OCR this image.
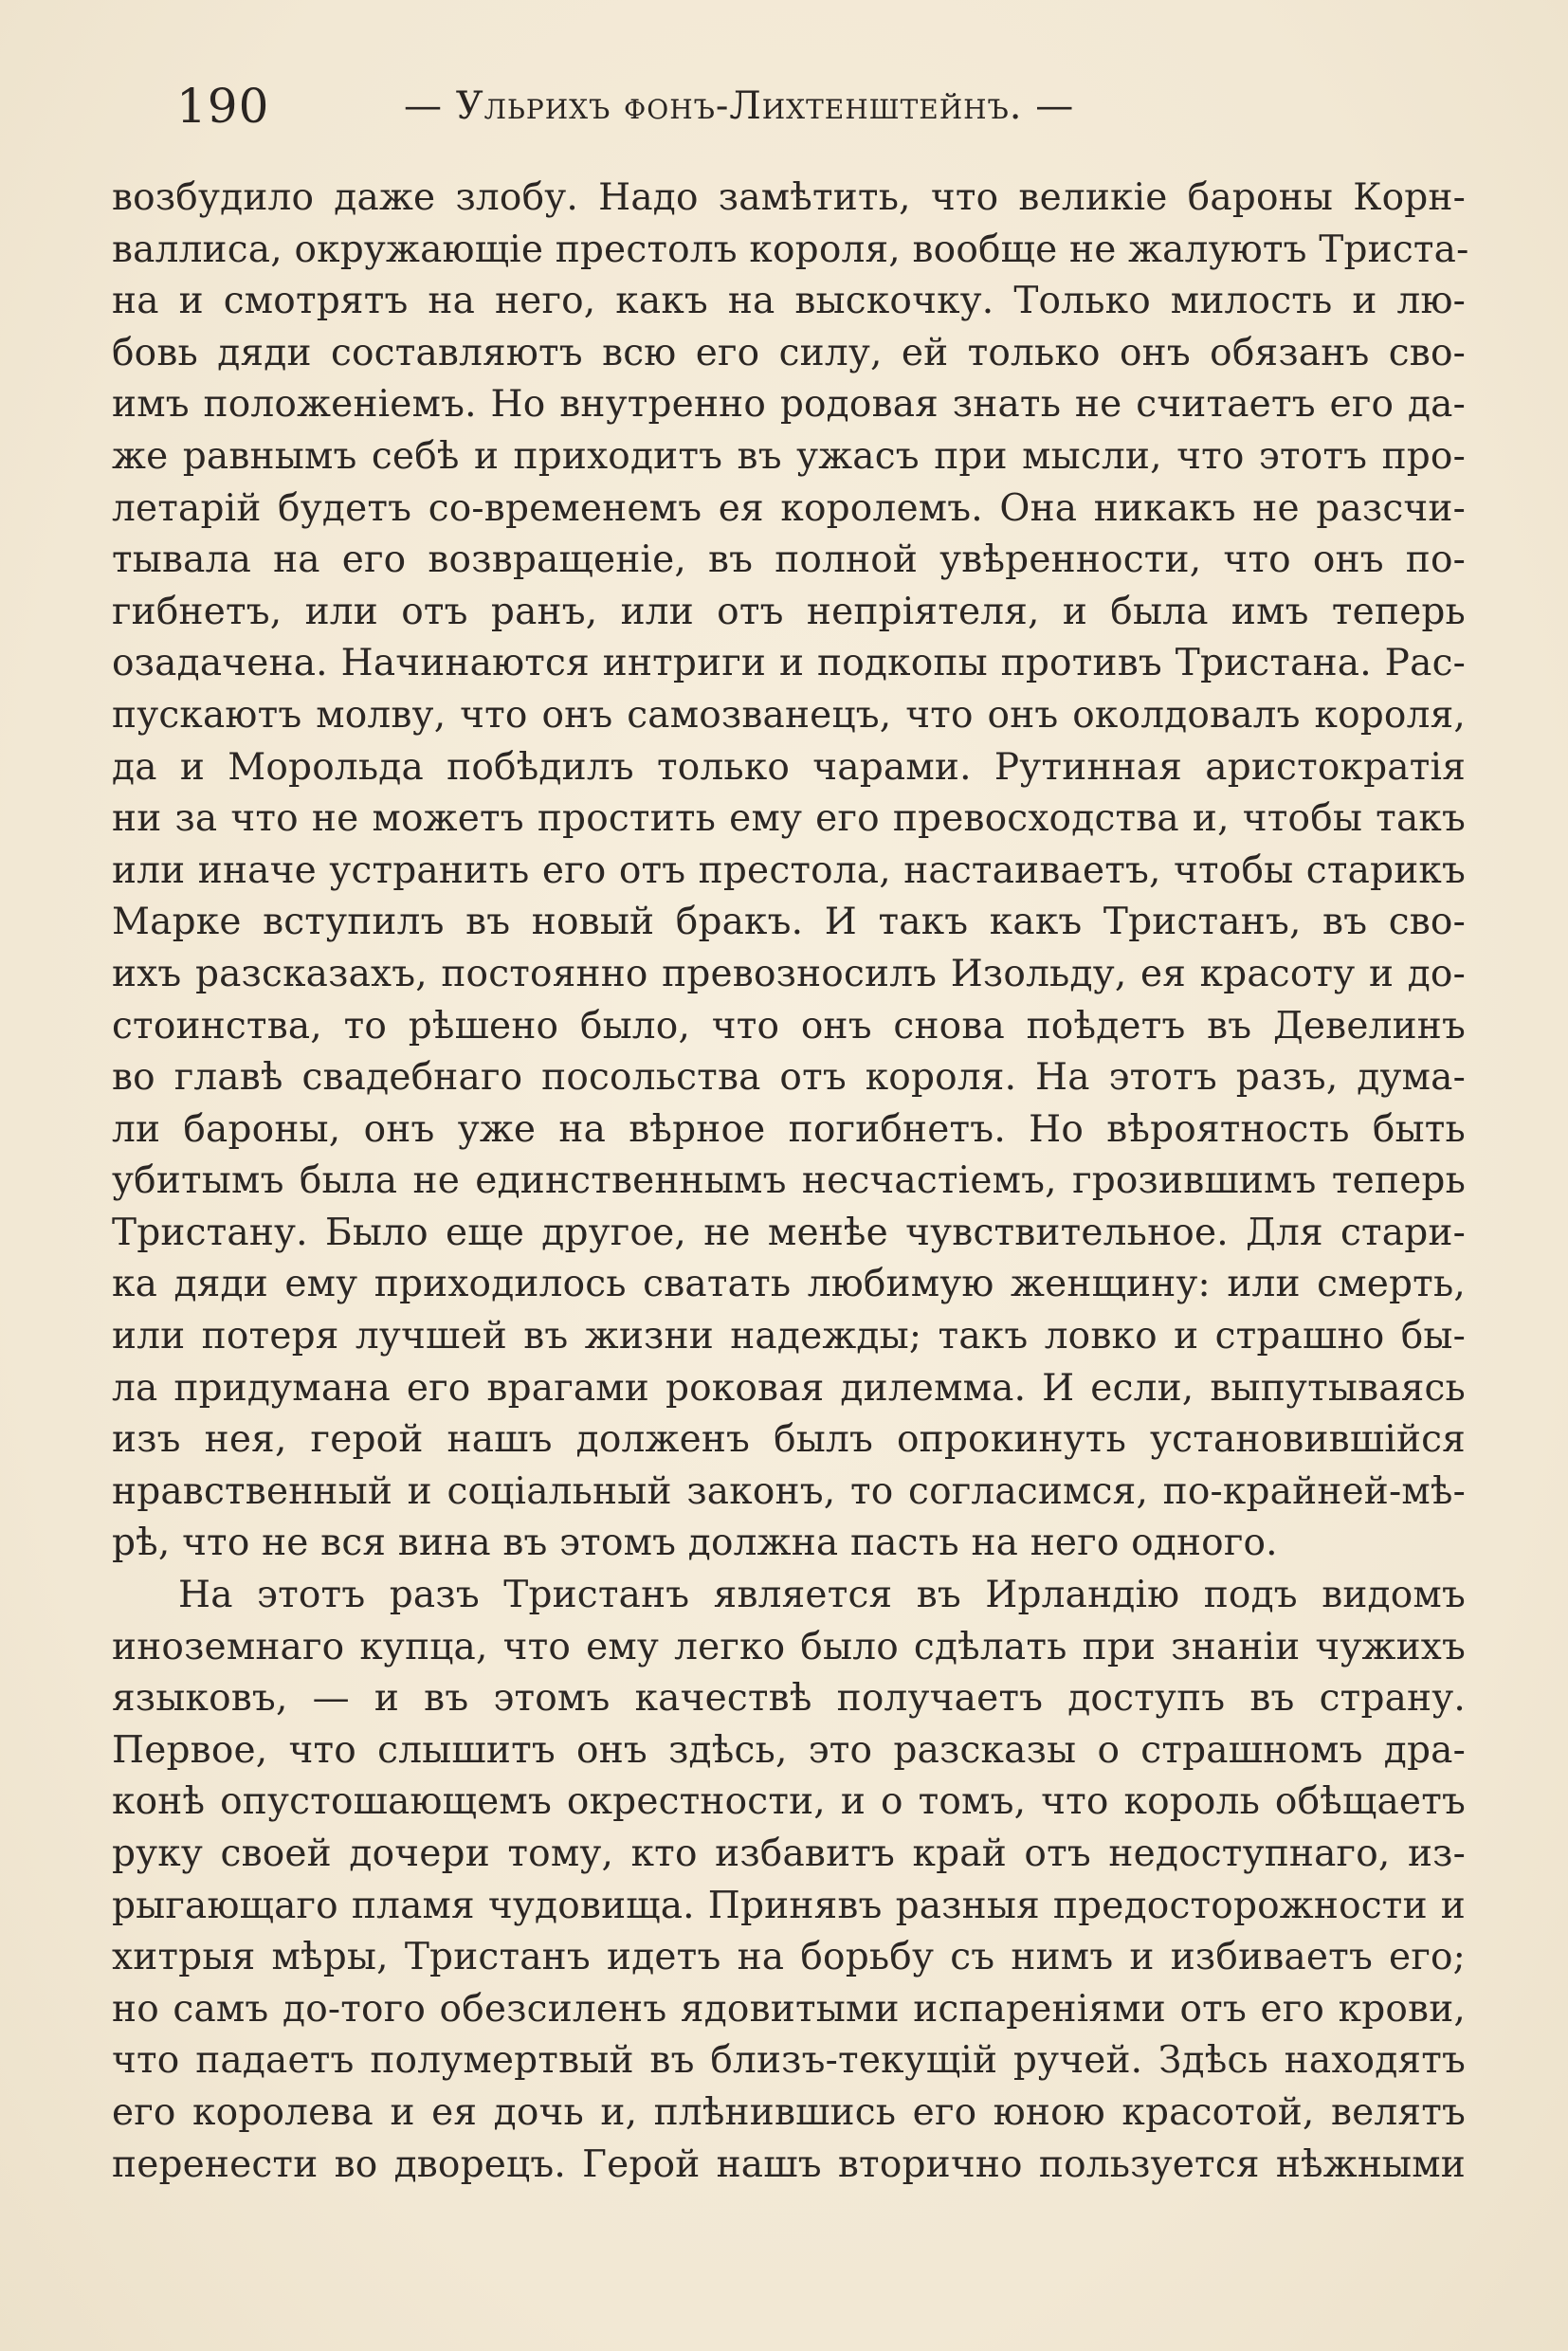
190	— Ульрихъ фонъ-Лихтенштейнъ. —
возбудило даже злобу. Надо замѣтить, что великіе бароны Корн-
валлиса, окружающіе престолъ короля, вообще не жалуютъ Триста-
на и смотрятъ на него, какъ на выскочку. Только милость и лю-
бовь дяди составляютъ всю его силу, ей только онъ обязанъ сво-
имъ положеніемъ. Но внутренно родовая знать не считаетъ его да-
же равнымъ себѣ и приходитъ въ ужасъ при мысли, что этотъ про-
летарій будетъ со-временемъ ея королемъ. Она никакъ не разсчи-
тывала на его возвращеніе, въ полной увѣренности, что онъ по-
гибнетъ, или отъ ранъ, или отъ непріятеля, и была имъ теперь
озадачена. Начинаются интриги и подкопы противъ Тристана. Рас-
пускаютъ молву, что онъ самозванецъ, что онъ околдовалъ короля,
да и Морольда побѣдилъ только чарами. Рутинная аристократія
ни за что не можетъ простить ему его превосходства и, чтобы такъ
или иначе устранить его отъ престола, настаиваетъ, чтобы старикъ
Марке вступилъ въ новый бракъ. И такъ какъ Тристанъ, въ сво-
ихъ разсказахъ, постоянно превозносилъ Изольду, ея красоту и до-
стоинства, то рѣшено было, что онъ снова поѣдетъ въ Девелинъ
во главѣ свадебнаго посольства отъ короля. На этотъ разъ, дума-
ли бароны, онъ уже на вѣрное погибнетъ. Но вѣроятность быть
убитымъ была не единственнымъ несчастіемъ, грозившимъ теперь
Тристану. Было еще другое, не менѣе чувствительное. Для стари-
ка дяди ему приходилось сватать любимую женщину: или смерть,
или потеря лучшей въ жизни надежды; такъ ловко и страшно бы-
ла придумана его врагами роковая дилемма. И если, выпутываясь
изъ нея, герой нашъ долженъ былъ опрокинуть установившійся
нравственный и соціальный законъ, то согласимся, по-крайней-мѣ-
рѣ, что не вся вина въ этомъ должна пасть на него одного.
На этотъ разъ Тристанъ является въ Ирландію подъ видомъ
иноземнаго купца, что ему легко было сдѣлать при знаніи чужихъ
языковъ, — и въ этомъ качествѣ получаетъ доступъ въ страну.
Первое, что слышитъ онъ здѣсь, это разсказы о страшномъ дра-
конѣ опустошающемъ окрестности, и о томъ, что король обѣщаетъ
руку своей дочери тому, кто избавитъ край отъ недоступнаго, из-
рыгающаго пламя чудовища. Принявъ разныя предосторожности и
хитрыя мѣры, Тристанъ идетъ на борьбу съ нимъ и избиваетъ его;
но самъ до-того обезсиленъ ядовитыми испареніями отъ его крови,
что падаетъ полумертвый въ близъ-текущій ручей. Здѣсь находятъ
его королева и ея дочь и, плѣнившись его юною красотой, велятъ
перенести во дворецъ. Герой нашъ вторично пользуется нѣжными
